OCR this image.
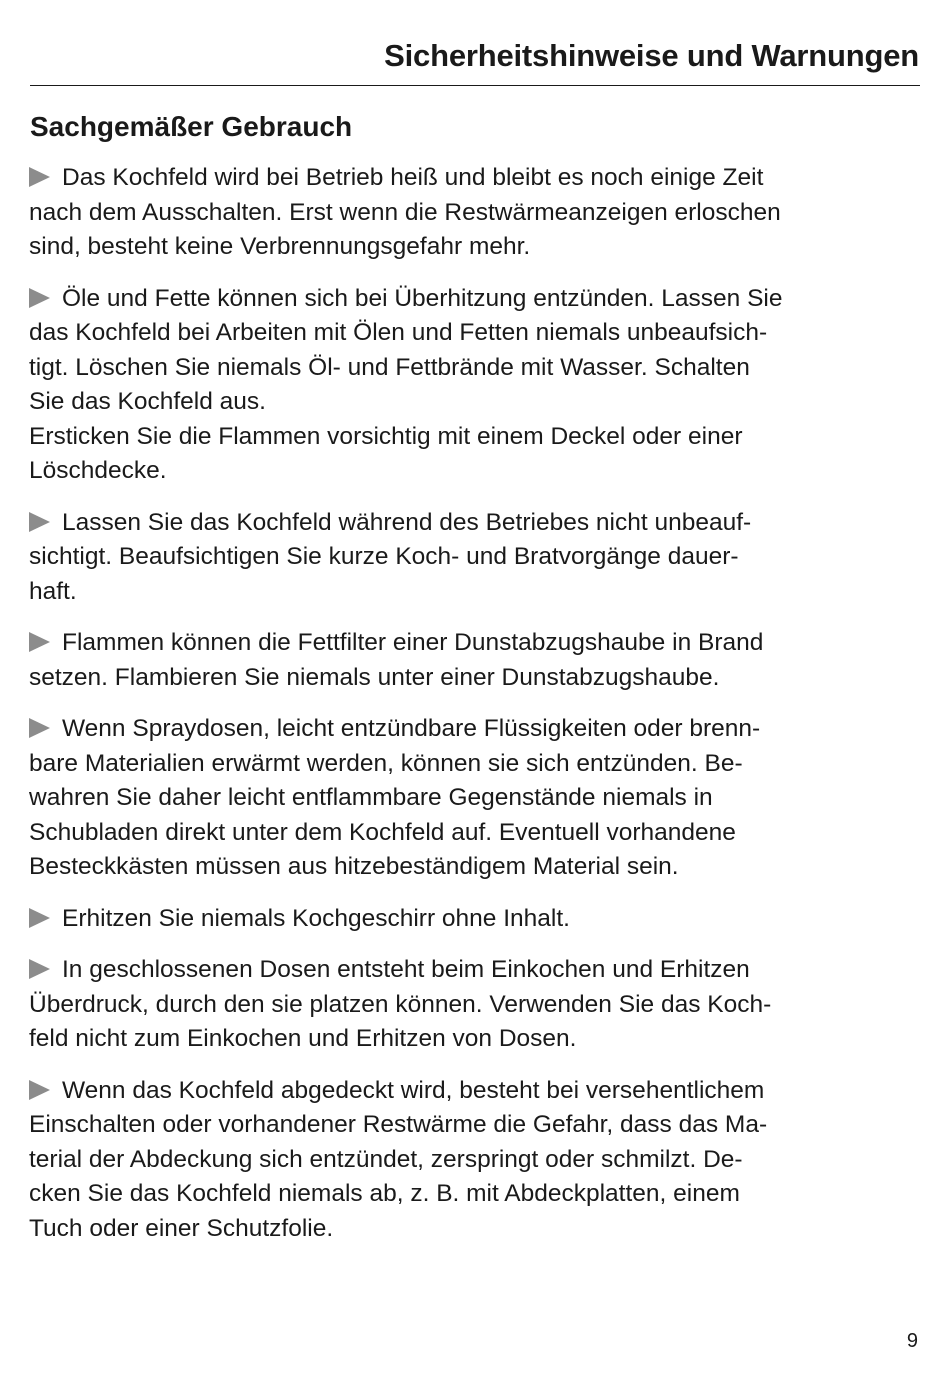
Sicherheitshinweise und Warnungen
Sachgemäßer Gebrauch
Das Kochfeld wird bei Betrieb heiß und bleibt es noch einige Zeit
nach dem Ausschalten. Erst wenn die Restwärmeanzeigen erloschen
sind, besteht keine Verbrennungsgefahr mehr.
Öle und Fette können sich bei Überhitzung entzünden. Lassen Sie
das Kochfeld bei Arbeiten mit Ölen und Fetten niemals unbeaufsich-
tigt. Löschen Sie niemals Öl- und Fettbrände mit Wasser. Schalten
Sie das Kochfeld aus.
Ersticken Sie die Flammen vorsichtig mit einem Deckel oder einer
Löschdecke.
Lassen Sie das Kochfeld während des Betriebes nicht unbeauf-
sichtigt. Beaufsichtigen Sie kurze Koch- und Bratvorgänge dauer-
haft.
Flammen können die Fettfilter einer Dunstabzugshaube in Brand
setzen. Flambieren Sie niemals unter einer Dunstabzugshaube.
Wenn Spraydosen, leicht entzündbare Flüssigkeiten oder brenn-
bare Materialien erwärmt werden, können sie sich entzünden. Be-
wahren Sie daher leicht entflammbare Gegenstände niemals in
Schubladen direkt unter dem Kochfeld auf. Eventuell vorhandene
Besteckkästen müssen aus hitzebeständigem Material sein.
Erhitzen Sie niemals Kochgeschirr ohne Inhalt.
In geschlossenen Dosen entsteht beim Einkochen und Erhitzen
Überdruck, durch den sie platzen können. Verwenden Sie das Koch-
feld nicht zum Einkochen und Erhitzen von Dosen.
Wenn das Kochfeld abgedeckt wird, besteht bei versehentlichem
Einschalten oder vorhandener Restwärme die Gefahr, dass das Ma-
terial der Abdeckung sich entzündet, zerspringt oder schmilzt. De-
cken Sie das Kochfeld niemals ab, z. B. mit Abdeckplatten, einem
Tuch oder einer Schutzfolie.
9
